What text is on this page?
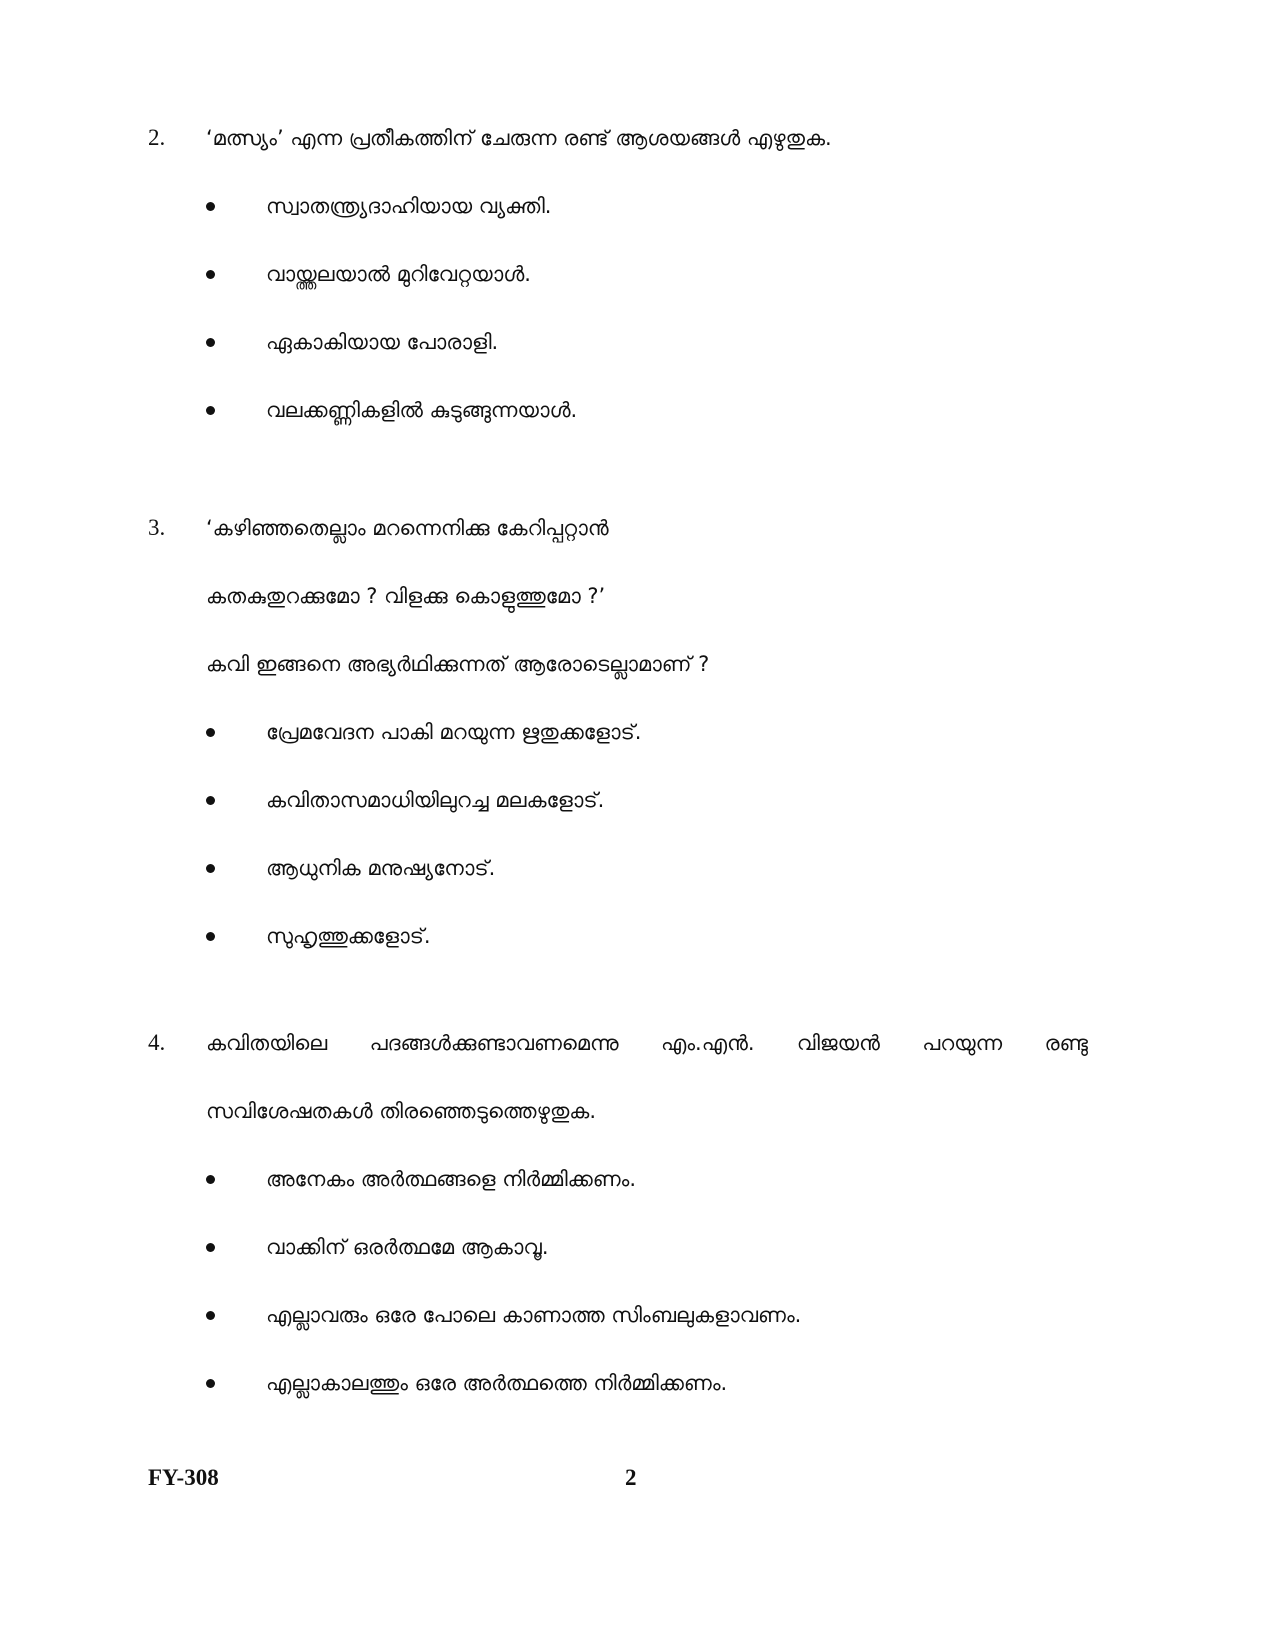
2.	‘മത്സ്യം’ എന്ന പ്രതീകത്തിന് ചേരുന്ന രണ്ട് ആശയങ്ങൾ എഴുതുക.
സ്വാതന്ത്ര്യദാഹിയായ വ്യക്തി.
വായ്ത്തലയാൽ മുറിവേറ്റയാൾ.
ഏകാകിയായ പോരാളി.
വലക്കണ്ണികളിൽ കുടുങ്ങുന്നയാൾ.
3.	‘കഴിഞ്ഞതെല്ലാം മറന്നെനിക്കു കേറിപ്പറ്റാൻ
കതകുതുറക്കുമോ ? വിളക്കു കൊളുത്തുമോ ?’
കവി ഇങ്ങനെ അഭ്യർഥിക്കുന്നത് ആരോടെല്ലാമാണ് ?
പ്രേമവേദന പാകി മറയുന്ന ഋതുക്കളോട്.
കവിതാസമാധിയിലുറച്ച മലകളോട്.
ആധുനിക മനുഷ്യനോട്.
സുഹൃത്തുക്കളോട്.
4.	കവിതയിലെ പദങ്ങൾക്കുണ്ടാവണമെന്നു എം.എൻ. വിജയൻ പറയുന്ന രണ്ടു
സവിശേഷതകൾ തിരഞ്ഞെടുത്തെഴുതുക.
അനേകം അർത്ഥങ്ങളെ നിർമ്മിക്കണം.
വാക്കിന് ഒരർത്ഥമേ ആകാവൂ.
എല്ലാവരും ഒരേ പോലെ കാണാത്ത സിംബലുകളാവണം.
എല്ലാകാലത്തും ഒരേ അർത്ഥത്തെ നിർമ്മിക്കണം.
FY-308	2
